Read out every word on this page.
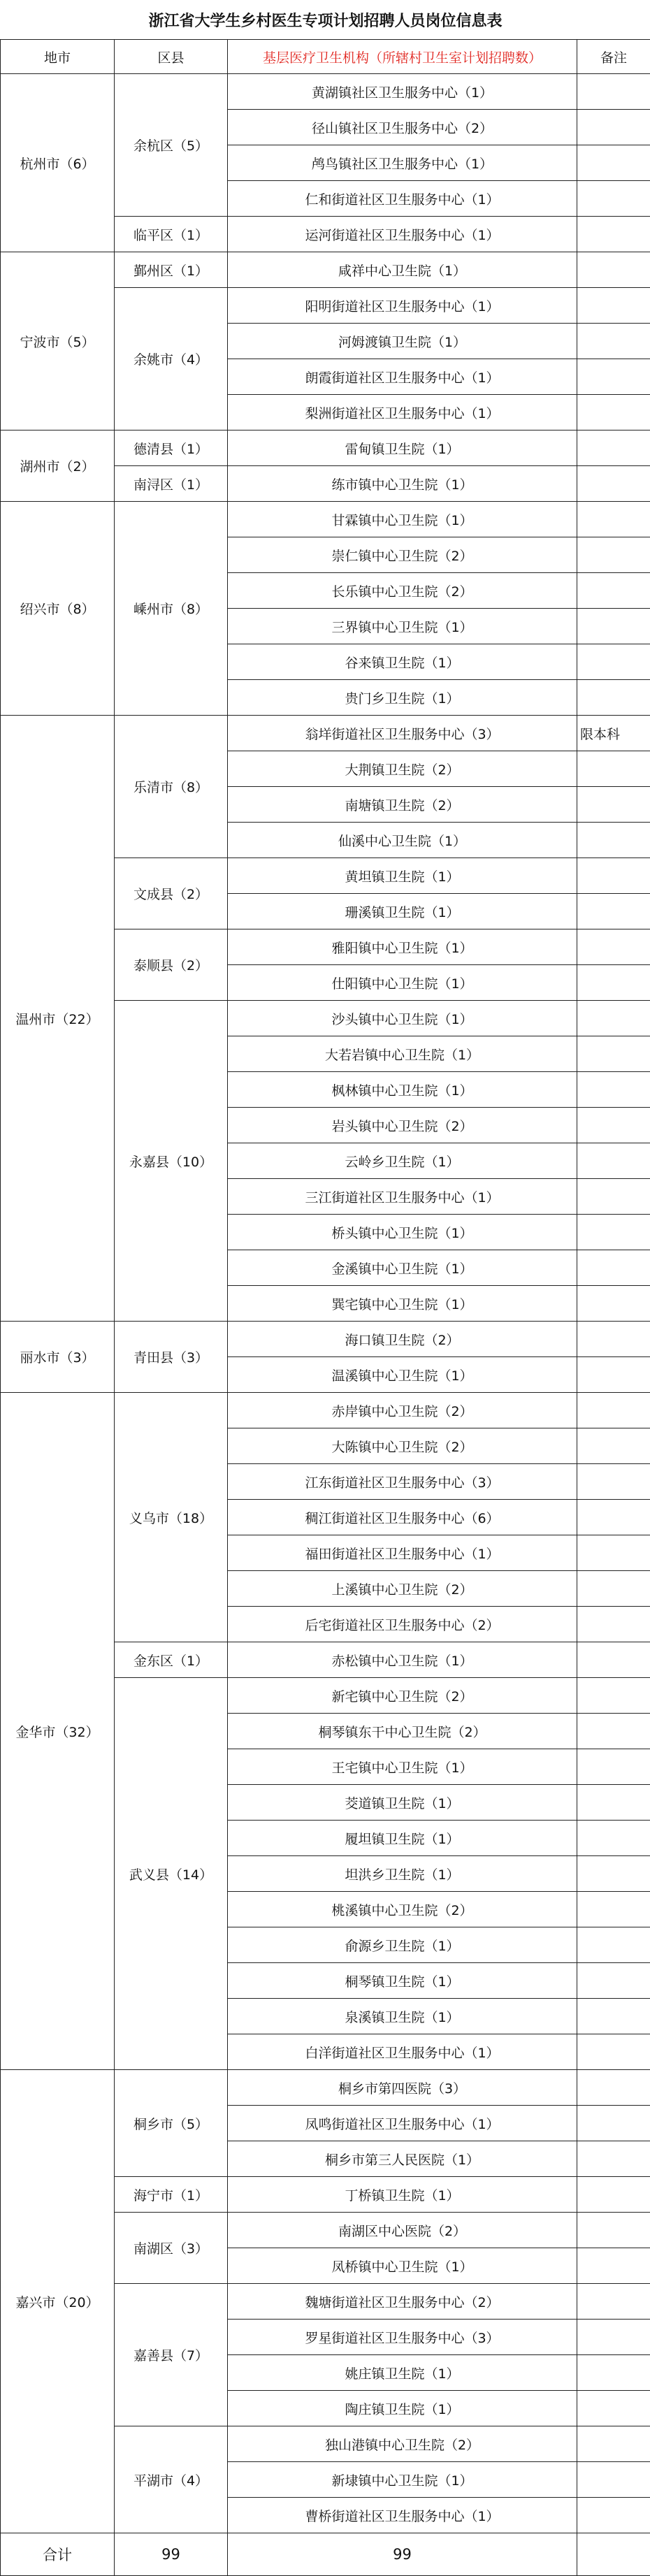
浙江省大学生乡村医生专项计划招聘人员岗位信息表			
地市	区县	基层医疗卫生机构（所辖村卫生室计划招聘数）	备注
杭州市（6）	余杭区（5）	黄湖镇社区卫生服务中心（1）	
		径山镇社区卫生服务中心（2）	
		鸬鸟镇社区卫生服务中心（1）	
		仁和街道社区卫生服务中心（1）	
	临平区（1）	运河街道社区卫生服务中心（1）	
宁波市（5）	鄞州区（1）	咸祥中心卫生院（1）	
	余姚市（4）	阳明街道社区卫生服务中心（1）	
		河姆渡镇卫生院（1）	
		朗霞街道社区卫生服务中心（1）	
		梨洲街道社区卫生服务中心（1）	
湖州市（2）	德清县（1）	雷甸镇卫生院（1）	
	南浔区（1）	练市镇中心卫生院（1）	
绍兴市（8）	嵊州市（8）	甘霖镇中心卫生院（1）	
		崇仁镇中心卫生院（2）	
		长乐镇中心卫生院（2）	
		三界镇中心卫生院（1）	
		谷来镇卫生院（1）	
		贵门乡卫生院（1）	
温州市（22）	乐清市（8）	翁垟街道社区卫生服务中心（3）	限本科
		大荆镇卫生院（2）	
		南塘镇卫生院（2）	
		仙溪中心卫生院（1）	
	文成县（2）	黄坦镇卫生院（1）	
		珊溪镇卫生院（1）	
	泰顺县（2）	雅阳镇中心卫生院（1）	
		仕阳镇中心卫生院（1）	
	永嘉县（10）	沙头镇中心卫生院（1）	
		大若岩镇中心卫生院（1）	
		枫林镇中心卫生院（1）	
		岩头镇中心卫生院（2）	
		云岭乡卫生院（1）	
		三江街道社区卫生服务中心（1）	
		桥头镇中心卫生院（1）	
		金溪镇中心卫生院（1）	
		巽宅镇中心卫生院（1）	
丽水市（3）	青田县（3）	海口镇卫生院（2）	
		温溪镇中心卫生院（1）	
金华市（32）	义乌市（18）	赤岸镇中心卫生院（2）	
		大陈镇中心卫生院（2）	
		江东街道社区卫生服务中心（3）	
		稠江街道社区卫生服务中心（6）	
		福田街道社区卫生服务中心（1）	
		上溪镇中心卫生院（2）	
		后宅街道社区卫生服务中心（2）	
	金东区（1）	赤松镇中心卫生院（1）	
	武义县（14）	新宅镇中心卫生院（2）	
		桐琴镇东干中心卫生院（2）	
		王宅镇中心卫生院（1）	
		茭道镇卫生院（1）	
		履坦镇卫生院（1）	
		坦洪乡卫生院（1）	
		桃溪镇中心卫生院（2）	
		俞源乡卫生院（1）	
		桐琴镇卫生院（1）	
		泉溪镇卫生院（1）	
		白洋街道社区卫生服务中心（1）	
嘉兴市（20）	桐乡市（5）	桐乡市第四医院（3）	
		凤鸣街道社区卫生服务中心（1）	
		桐乡市第三人民医院（1）	
	海宁市（1）	丁桥镇卫生院（1）	
	南湖区（3）	南湖区中心医院（2）	
		凤桥镇中心卫生院（1）	
	嘉善县（7）	魏塘街道社区卫生服务中心（2）	
		罗星街道社区卫生服务中心（3）	
		姚庄镇卫生院（1）	
		陶庄镇卫生院（1）	
	平湖市（4）	独山港镇中心卫生院（2）	
		新埭镇中心卫生院（1）	
		曹桥街道社区卫生服务中心（1）	
合计	99	99	
